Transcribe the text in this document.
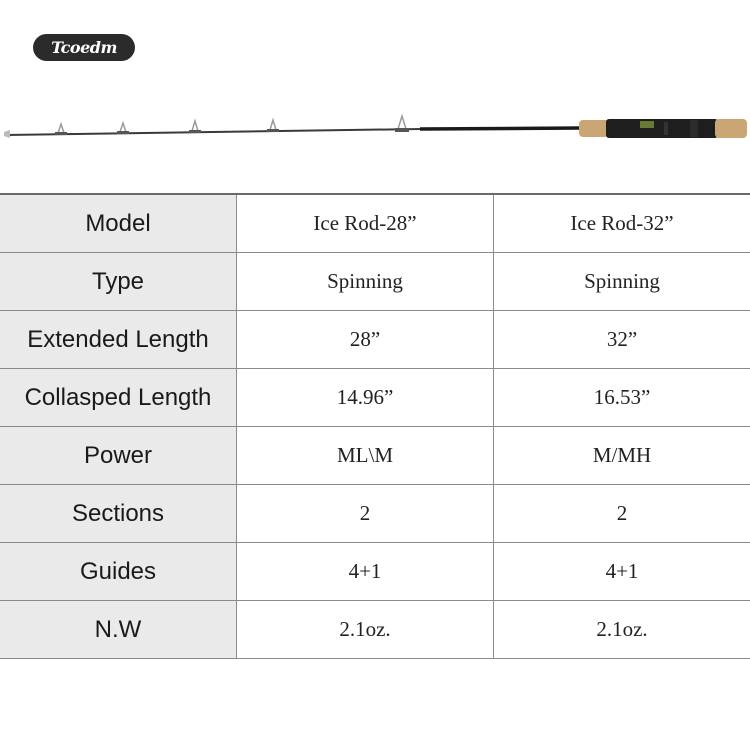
Tcoedm
Model	Ice Rod-28”	Ice Rod-32”
Type	Spinning	Spinning
Extended Length	28”	32”
Collasped Length	14.96”	16.53”
Power	ML\M	M/MH
Sections	2	2
Guides	4+1	4+1
N.W	2.1oz.	2.1oz.
